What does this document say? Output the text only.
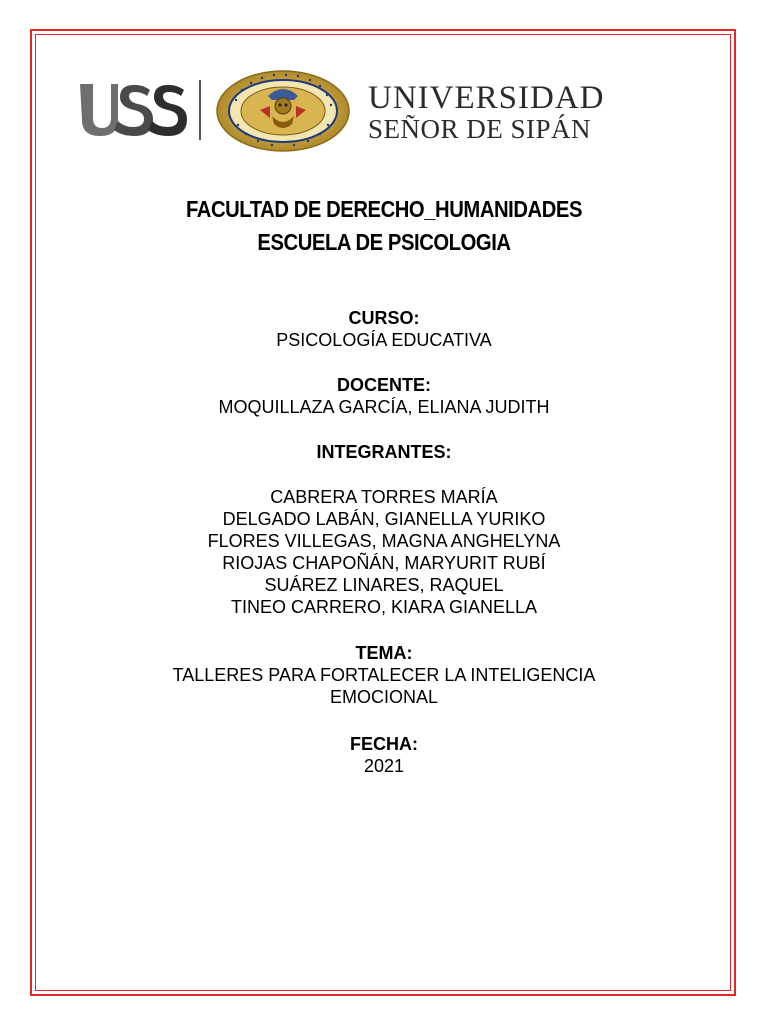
UNIVERSIDAD
SEÑOR DE SIPÁN
FACULTAD DE DERECHO_HUMANIDADES
ESCUELA DE PSICOLOGIA
CURSO:
PSICOLOGÍA EDUCATIVA
DOCENTE:
MOQUILLAZA GARCÍA, ELIANA JUDITH
INTEGRANTES:
CABRERA TORRES MARÍA
DELGADO LABÁN, GIANELLA YURIKO
FLORES VILLEGAS, MAGNA ANGHELYNA
RIOJAS CHAPOÑÁN, MARYURIT RUBÍ
SUÁREZ LINARES, RAQUEL
TINEO CARRERO, KIARA GIANELLA
TEMA:
TALLERES PARA FORTALECER LA INTELIGENCIA
EMOCIONAL
FECHA:
2021
